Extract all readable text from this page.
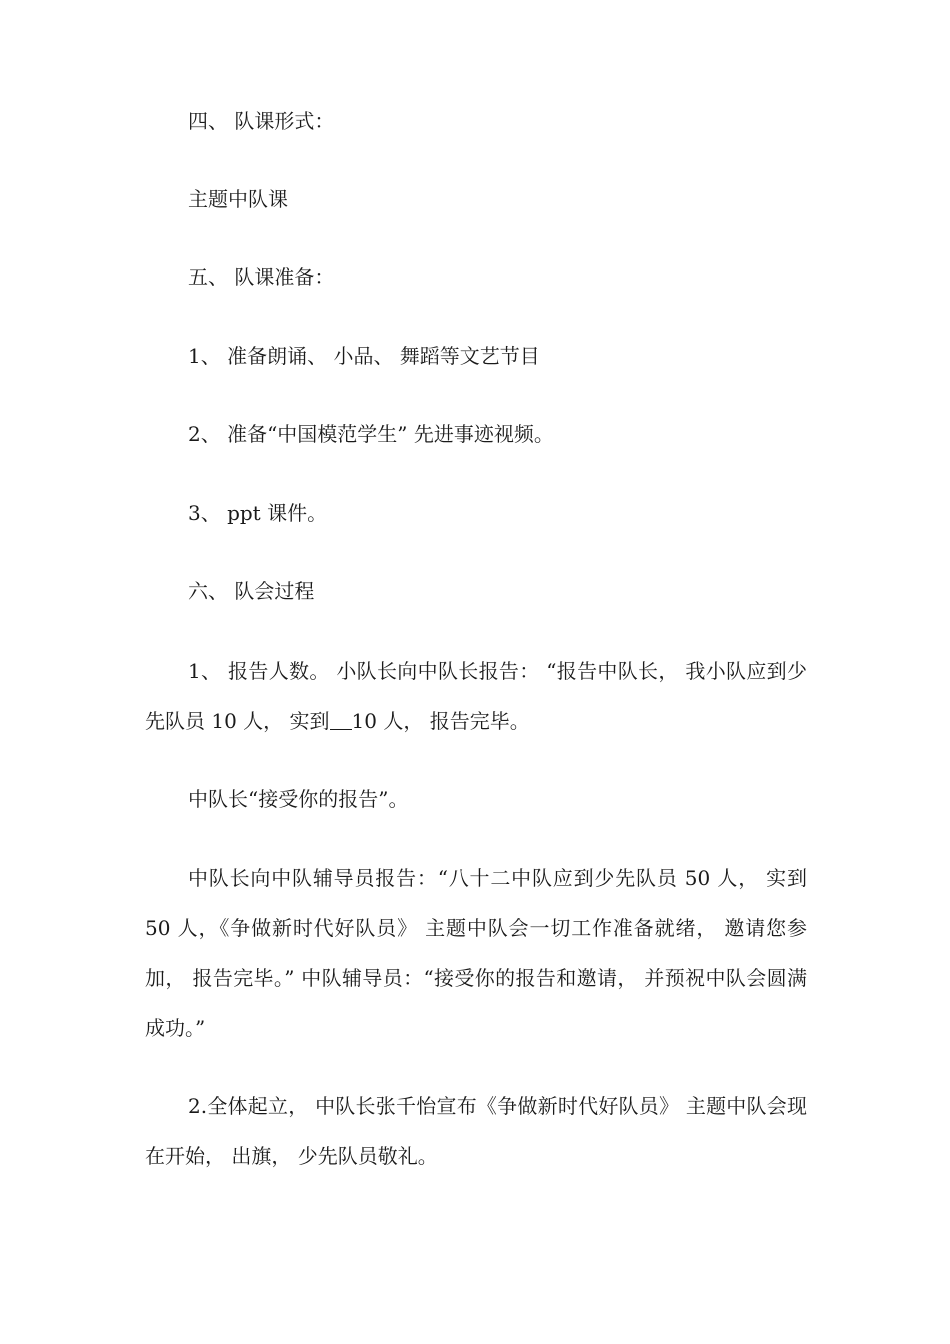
四、 队课形式：
主题中队课
五、 队课准备：
1、 准备朗诵、 小品、 舞蹈等文艺节目
2、 准备“中国模范学生” 先进事迹视频。
3、 ppt 课件。
六、 队会过程
1、 报告人数。 小队长向中队长报告： “报告中队长， 我小队应到少先队员 10 人， 实到 10 人， 报告完毕。
中队长“接受你的报告”。
中队长向中队辅导员报告：“八十二中队应到少先队员 50 人， 实到 50 人，《争做新时代好队员》 主题中队会一切工作准备就绪， 邀请您参加， 报告完毕。” 中队辅导员：“接受你的报告和邀请， 并预祝中队会圆满成功。”
2.全体起立， 中队长张千怡宣布《争做新时代好队员》 主题中队会现在开始， 出旗， 少先队员敬礼。
